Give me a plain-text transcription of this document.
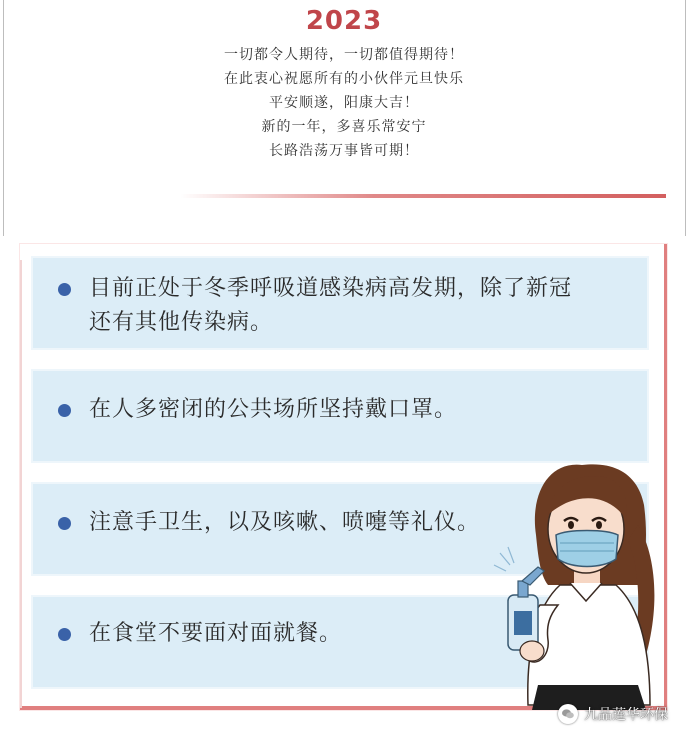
2023
一切都令人期待，一切都值得期待！
在此衷心祝愿所有的小伙伴元旦快乐
平安顺遂，阳康大吉！
新的一年，多喜乐常安宁
长路浩荡万事皆可期！
目前正处于冬季呼吸道感染病高发期，除了新冠
还有其他传染病。
在人多密闭的公共场所坚持戴口罩。
注意手卫生，以及咳嗽、喷嚏等礼仪。
在食堂不要面对面就餐。
九品莲华环保
